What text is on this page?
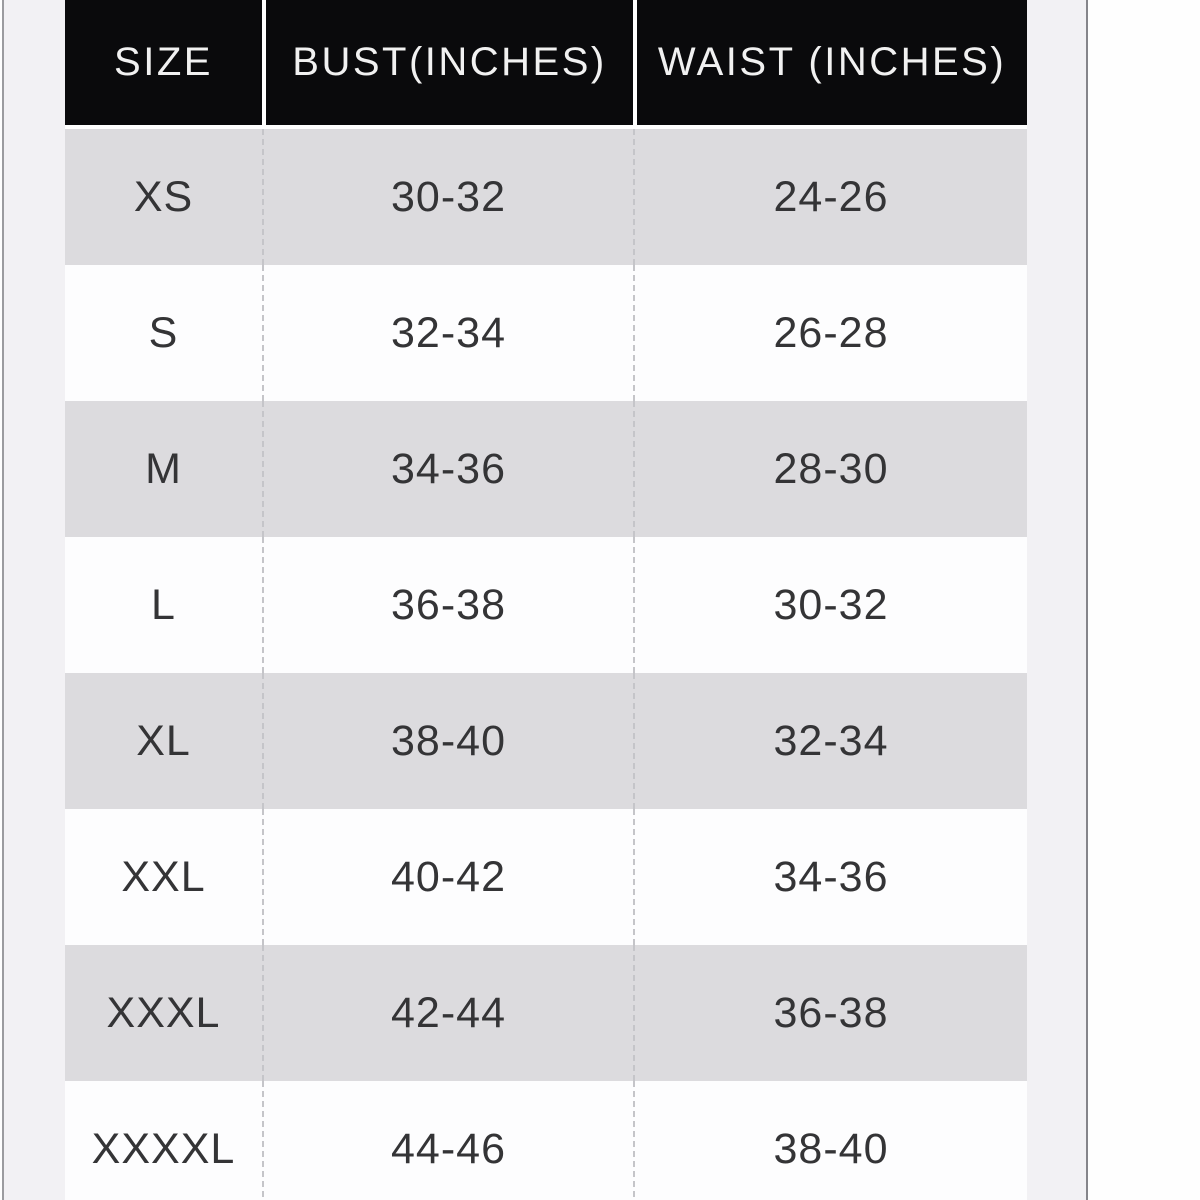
SIZE	BUST(INCHES)	WAIST (INCHES)
XS	30-32	24-26
S	32-34	26-28
M	34-36	28-30
L	36-38	30-32
XL	38-40	32-34
XXL	40-42	34-36
XXXL	42-44	36-38
XXXXL	44-46	38-40
